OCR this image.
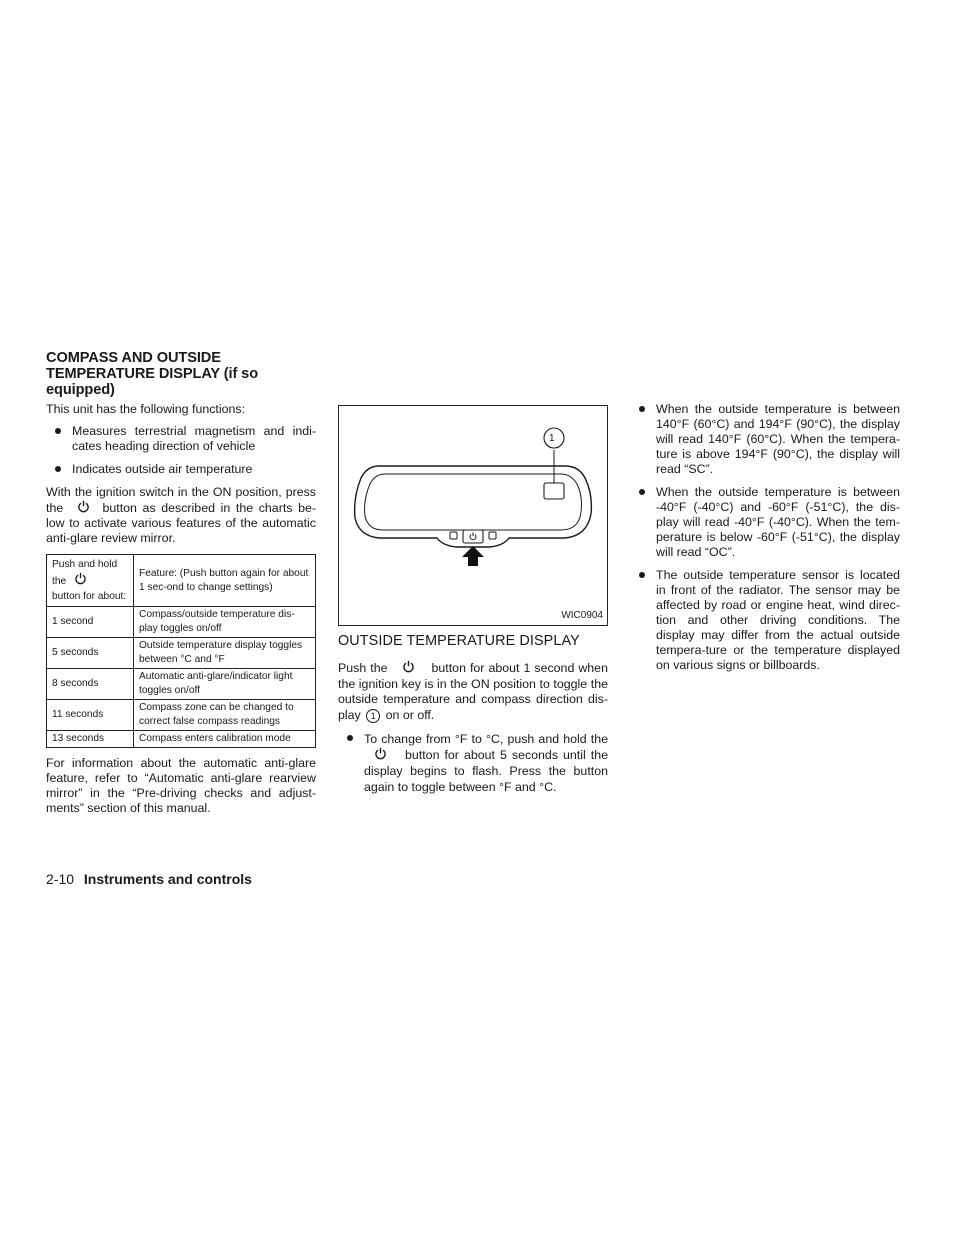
COMPASS AND OUTSIDE
TEMPERATURE DISPLAY (if so
equipped)

This unit has the following functions:

Measures terrestrial magnetism and indi-cates heading direction of vehicle
Indicates outside air temperature

With the ignition switch in the ON position, press the	button as described in the charts be-low to activate various features of the automatic anti-glare review mirror.

Push and hold the

button for about:	Feature: (Push button again for about 1 sec-ond to change settings)
1 second	Compass/outside temperature dis-play toggles on/off
5 seconds	Outside temperature display toggles between °C and °F
8 seconds	Automatic anti-glare/indicator light toggles on/off
11 seconds	Compass zone can be changed to correct false compass readings
13 seconds	Compass enters calibration mode

For information about the automatic anti-glare feature, refer to “Automatic anti-glare rearview mirror” in the “Pre-driving checks and adjust-ments” section of this manual.

1
WIC0904
OUTSIDE TEMPERATURE DISPLAY

Push the	button for about 1 second when the ignition key is in the ON position to toggle the outside temperature and compass direction dis-play 1 on or off.

To change from °F to °C, push and hold the
button for about 5 seconds until the display begins to flash. Press the button again to toggle between °F and °C.
When the outside temperature is between 140°F (60°C) and 194°F (90°C), the display will read 140°F (60°C). When the tempera-ture is above 194°F (90°C), the display will read “SC”.
When the outside temperature is between -40°F (-40°C) and -60°F (-51°C), the dis-play will read -40°F (-40°C). When the tem-perature is below -60°F (-51°C), the display will read “OC”.
The outside temperature sensor is located in front of the radiator. The sensor may be affected by road or engine heat, wind direc-tion and other driving conditions. The display may differ from the actual outside tempera-ture or the temperature displayed on various signs or billboards.
2-10 Instruments and controls
